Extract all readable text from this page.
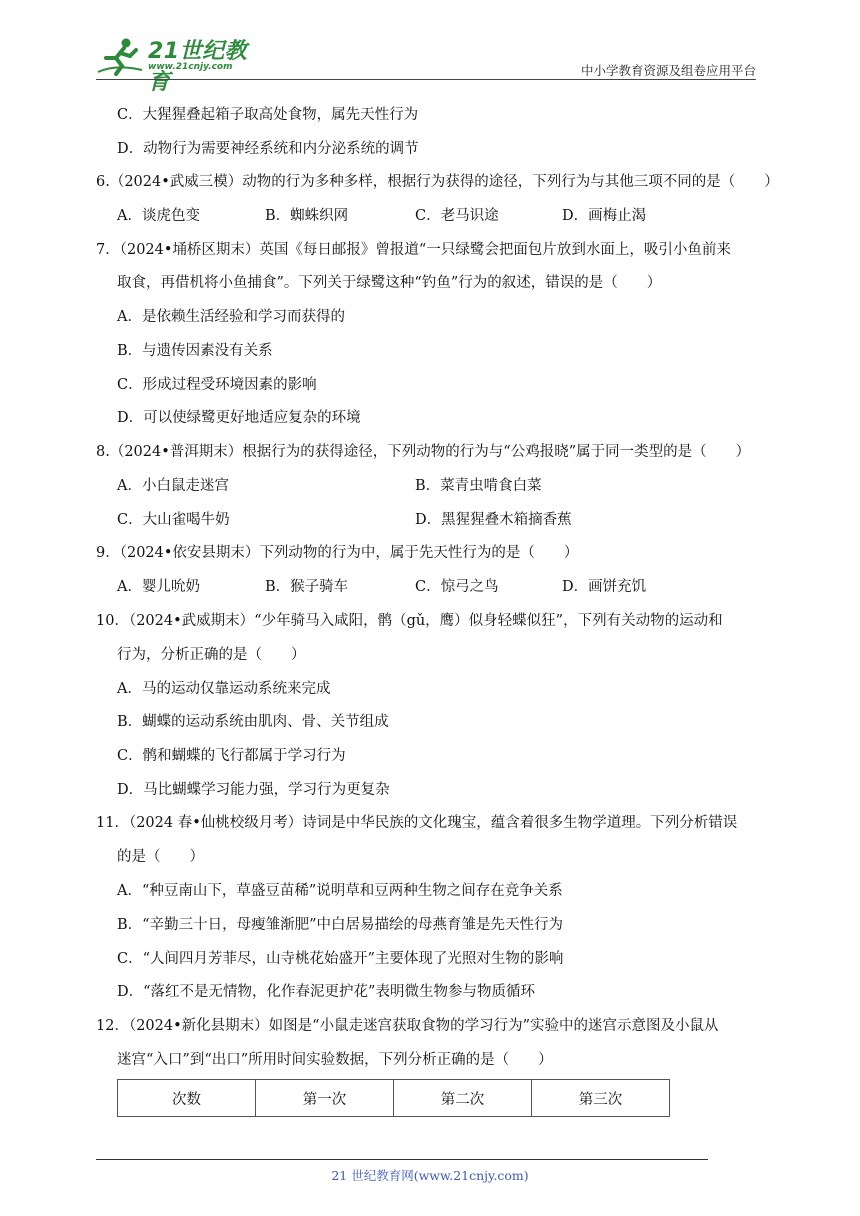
21世纪教育
www.21cnjy.com	中小学教育资源及组卷应用平台
C．大猩猩叠起箱子取高处食物，属先天性行为
D．动物行为需要神经系统和内分泌系统的调节
6.（2024•武威三模）动物的行为多种多样，根据行为获得的途径，下列行为与其他三项不同的是（　　）
A．谈虎色变	B．蜘蛛织网	C．老马识途	D．画梅止渴
7．（2024•埇桥区期末）英国《每日邮报》曾报道“一只绿鹭会把面包片放到水面上，吸引小鱼前来
取食，再借机将小鱼捕食”。下列关于绿鹭这种“钓鱼”行为的叙述，错误的是（　　）
A．是依赖生活经验和学习而获得的
B．与遗传因素没有关系
C．形成过程受环境因素的影响
D．可以使绿鹭更好地适应复杂的环境
8.（2024•普洱期末）根据行为的获得途径，下列动物的行为与“公鸡报晓”属于同一类型的是（　　）
A．小白鼠走迷宫	B．菜青虫啃食白菜
C．大山雀喝牛奶	D．黑猩猩叠木箱摘香蕉
9．（2024•依安县期末）下列动物的行为中，属于先天性行为的是（　　）
A．婴儿吮奶	B．猴子骑车	C．惊弓之鸟	D．画饼充饥
10．（2024•武威期末）“少年骑马入咸阳，鹘（gǔ，鹰）似身轻蝶似狂”，下列有关动物的运动和
行为，分析正确的是（　　）
A．马的运动仅靠运动系统来完成
B．蝴蝶的运动系统由肌肉、骨、关节组成
C．鹘和蝴蝶的飞行都属于学习行为
D．马比蝴蝶学习能力强，学习行为更复杂
11．（2024 春•仙桃校级月考）诗词是中华民族的文化瑰宝，蕴含着很多生物学道理。下列分析错误
的是（　　）
A．“种豆南山下，草盛豆苗稀”说明草和豆两种生物之间存在竞争关系
B．“辛勤三十日，母瘦雏渐肥”中白居易描绘的母燕育雏是先天性行为
C．“人间四月芳菲尽，山寺桃花始盛开”主要体现了光照对生物的影响
D．“落红不是无情物，化作春泥更护花”表明微生物参与物质循环
12．（2024•新化县期末）如图是“小鼠走迷宫获取食物的学习行为”实验中的迷宫示意图及小鼠从
迷宫“入口”到“出口”所用时间实验数据，下列分析正确的是（　　）
次数	第一次	第二次	第三次
21 世纪教育网(www.21cnjy.com)
